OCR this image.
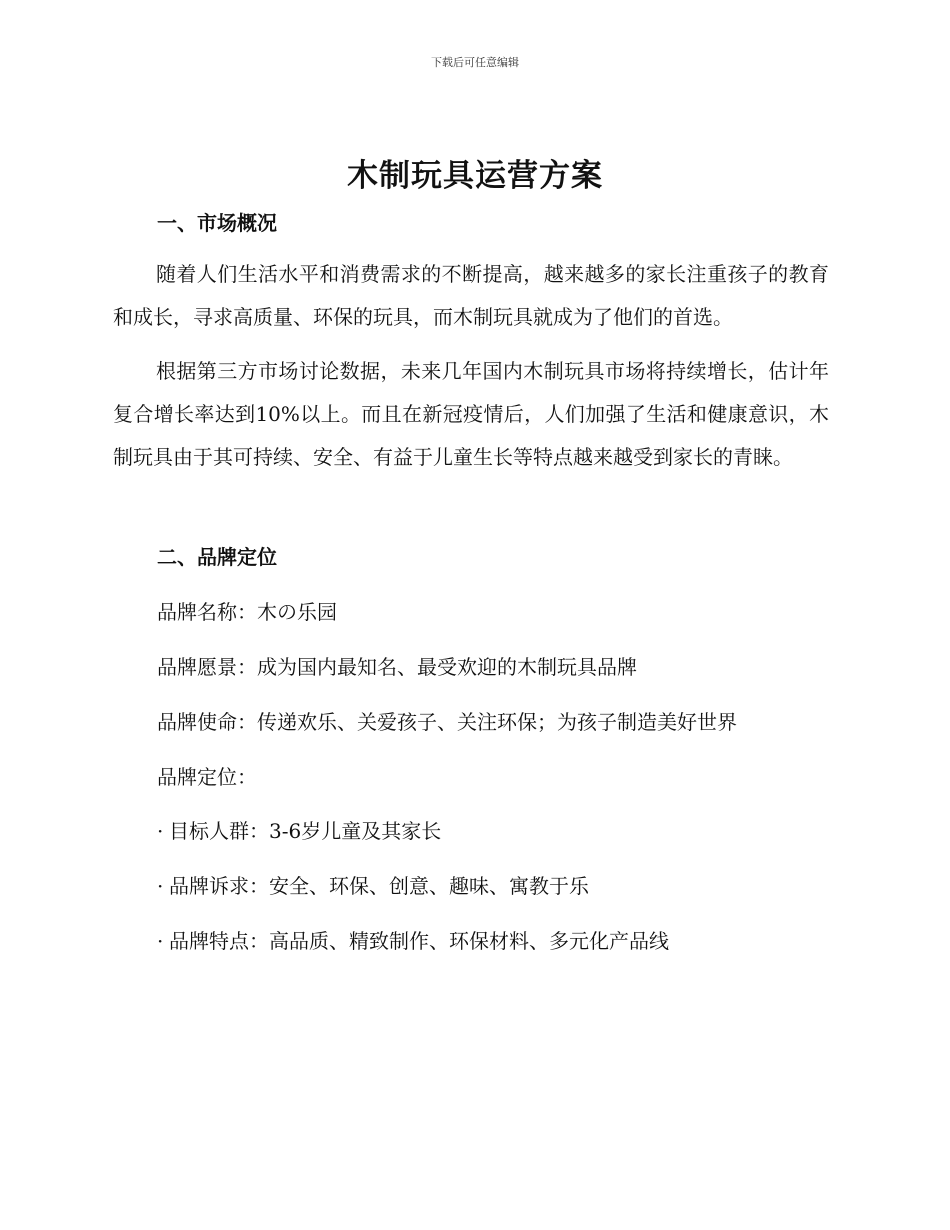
下载后可任意编辑
木制玩具运营方案
一、市场概况

随着人们生活水平和消费需求的不断提高，越来越多的家长注重孩子的教育和成长，寻求高质量、环保的玩具，而木制玩具就成为了他们的首选。

根据第三方市场讨论数据，未来几年国内木制玩具市场将持续增长，估计年复合增长率达到10%以上。而且在新冠疫情后，人们加强了生活和健康意识，木制玩具由于其可持续、安全、有益于儿童生长等特点越来越受到家长的青睐。

二、品牌定位

品牌名称：木の乐园

品牌愿景：成为国内最知名、最受欢迎的木制玩具品牌

品牌使命：传递欢乐、关爱孩子、关注环保；为孩子制造美好世界

品牌定位：

· 目标人群：3-6岁儿童及其家长

· 品牌诉求：安全、环保、创意、趣味、寓教于乐

· 品牌特点：高品质、精致制作、环保材料、多元化产品线
